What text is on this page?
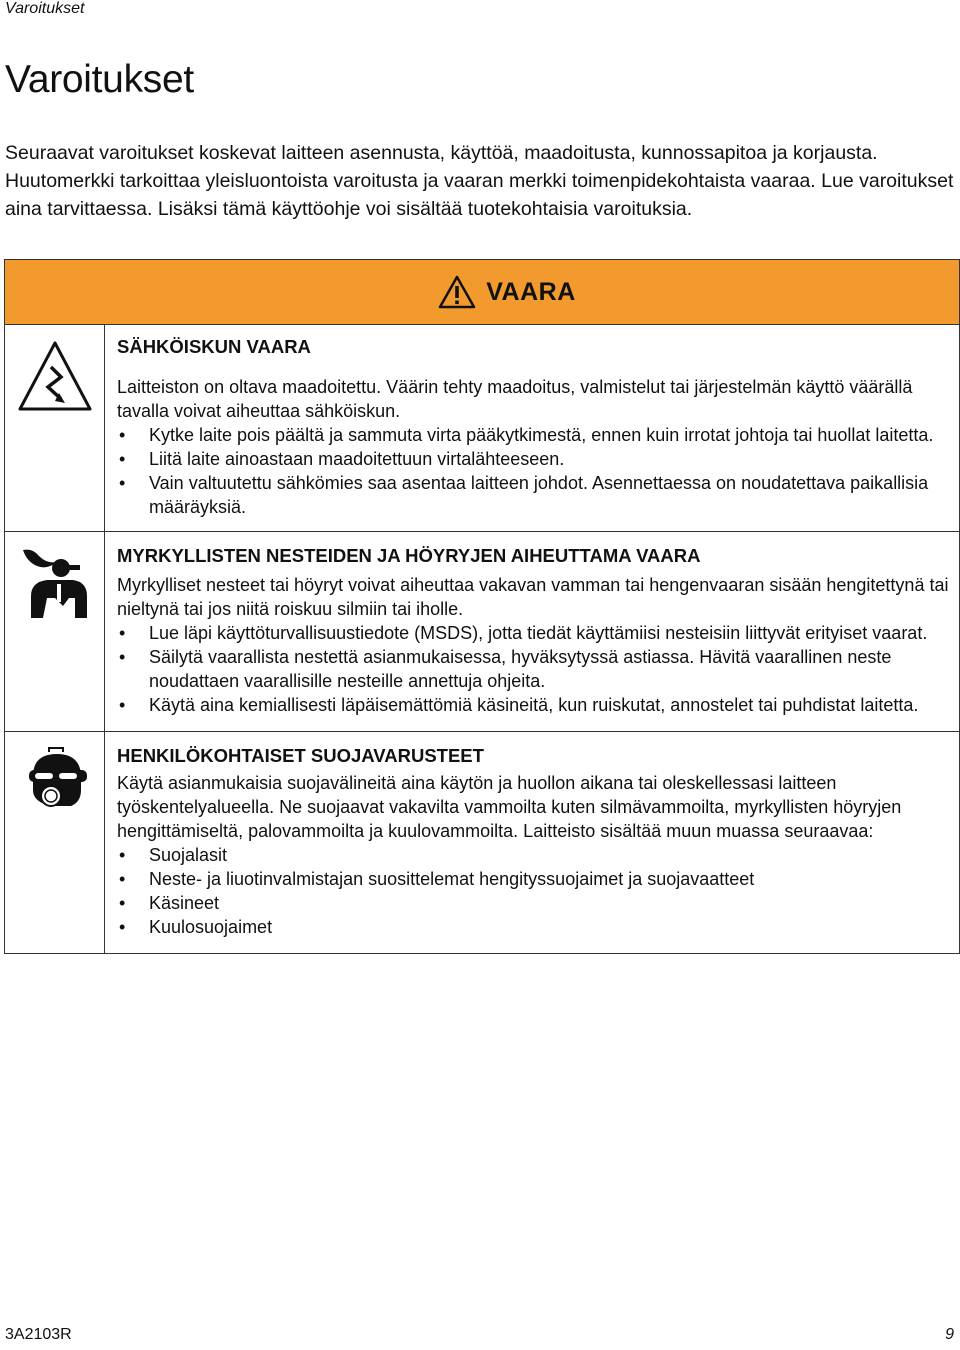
Varoitukset
Varoitukset

Seuraavat varoitukset koskevat laitteen asennusta, käyttöä, maadoitusta, kunnossapitoa ja korjausta. Huutomerkki tarkoittaa yleisluontoista varoitusta ja vaaran merkki toimenpidekohtaista vaaraa. Lue varoitukset aina tarvittaessa. Lisäksi tämä käyttöohje voi sisältää tuotekohtaisia varoituksia.

VAARA
SÄHKÖISKUN VAARA

Laitteiston on oltava maadoitettu. Väärin tehty maadoitus, valmistelut tai järjestelmän käyttö väärällä tavalla voivat aiheuttaa sähköiskun.

• Kytke laite pois päältä ja sammuta virta pääkytkimestä, ennen kuin irrotat johtoja tai huollat laitetta.
• Liitä laite ainoastaan maadoitettuun virtalähteeseen.
• Vain valtuutettu sähkömies saa asentaa laitteen johdot. Asennettaessa on noudatettava paikallisia määräyksiä.
MYRKYLLISTEN NESTEIDEN JA HÖYRYJEN AIHEUTTAMA VAARA

Myrkylliset nesteet tai höyryt voivat aiheuttaa vakavan vamman tai hengenvaaran sisään hengitettynä tai nieltynä tai jos niitä roiskuu silmiin tai iholle.

• Lue läpi käyttöturvallisuustiedote (MSDS), jotta tiedät käyttämiisi nesteisiin liittyvät erityiset vaarat.
• Säilytä vaarallista nestettä asianmukaisessa, hyväksytyssä astiassa. Hävitä vaarallinen neste noudattaen vaarallisille nesteille annettuja ohjeita.
• Käytä aina kemiallisesti läpäisemättömiä käsineitä, kun ruiskutat, annostelet tai puhdistat laitetta.
HENKILÖKOHTAISET SUOJAVARUSTEET

Käytä asianmukaisia suojavälineitä aina käytön ja huollon aikana tai oleskellessasi laitteen työskentelyalueella. Ne suojaavat vakavilta vammoilta kuten silmävammoilta, myrkyllisten höyryjen hengittämiseltä, palovammoilta ja kuulovammoilta. Laitteisto sisältää muun muassa seuraavaa:

• Suojalasit
• Neste- ja liuotinvalmistajan suosittelemat hengityssuojaimet ja suojavaatteet
• Käsineet
• Kuulosuojaimet
3A2103R	9
